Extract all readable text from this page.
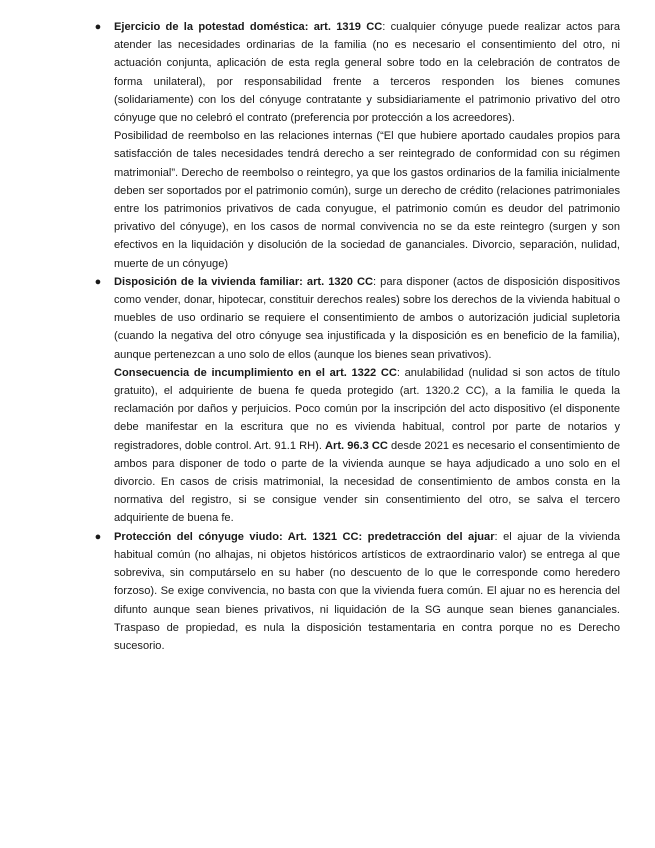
● Ejercicio de la potestad doméstica: art. 1319 CC: cualquier cónyuge puede realizar actos para atender las necesidades ordinarias de la familia (no es necesario el consentimiento del otro, ni actuación conjunta, aplicación de esta regla general sobre todo en la celebración de contratos de forma unilateral), por responsabilidad frente a terceros responden los bienes comunes (solidariamente) con los del cónyuge contratante y subsidiariamente el patrimonio privativo del otro cónyuge que no celebró el contrato (preferencia por protección a los acreedores).

Posibilidad de reembolso en las relaciones internas (“El que hubiere aportado caudales propios para satisfacción de tales necesidades tendrá derecho a ser reintegrado de conformidad con su régimen matrimonial”. Derecho de reembolso o reintegro, ya que los gastos ordinarios de la familia inicialmente deben ser soportados por el patrimonio común), surge un derecho de crédito (relaciones patrimoniales entre los patrimonios privativos de cada conyugue, el patrimonio común es deudor del patrimonio privativo del cónyuge), en los casos de normal convivencia no se da este reintegro (surgen y son efectivos en la liquidación y disolución de la sociedad de gananciales. Divorcio, separación, nulidad, muerte de un cónyuge)

● Disposición de la vivienda familiar: art. 1320 CC: para disponer (actos de disposición dispositivos como vender, donar, hipotecar, constituir derechos reales) sobre los derechos de la vivienda habitual o muebles de uso ordinario se requiere el consentimiento de ambos o autorización judicial supletoria (cuando la negativa del otro cónyuge sea injustificada y la disposición es en beneficio de la familia), aunque pertenezcan a uno solo de ellos (aunque los bienes sean privativos).

Consecuencia de incumplimiento en el art. 1322 CC: anulabilidad (nulidad si son actos de título gratuito), el adquiriente de buena fe queda protegido (art. 1320.2 CC), a la familia le queda la reclamación por daños y perjuicios. Poco común por la inscripción del acto dispositivo (el disponente debe manifestar en la escritura que no es vivienda habitual, control por parte de notarios y registradores, doble control. Art. 91.1 RH). Art. 96.3 CC desde 2021 es necesario el consentimiento de ambos para disponer de todo o parte de la vivienda aunque se haya adjudicado a uno solo en el divorcio. En casos de crisis matrimonial, la necesidad de consentimiento de ambos consta en la normativa del registro, si se consigue vender sin consentimiento del otro, se salva el tercero adquiriente de buena fe.

● Protección del cónyuge viudo: Art. 1321 CC: predetracción del ajuar: el ajuar de la vivienda habitual común (no alhajas, ni objetos históricos artísticos de extraordinario valor) se entrega al que sobreviva, sin computárselo en su haber (no descuento de lo que le corresponde como heredero forzoso). Se exige convivencia, no basta con que la vivienda fuera común. El ajuar no es herencia del difunto aunque sean bienes privativos, ni liquidación de la SG aunque sean bienes gananciales. Traspaso de propiedad, es nula la disposición testamentaria en contra porque no es Derecho sucesorio.
